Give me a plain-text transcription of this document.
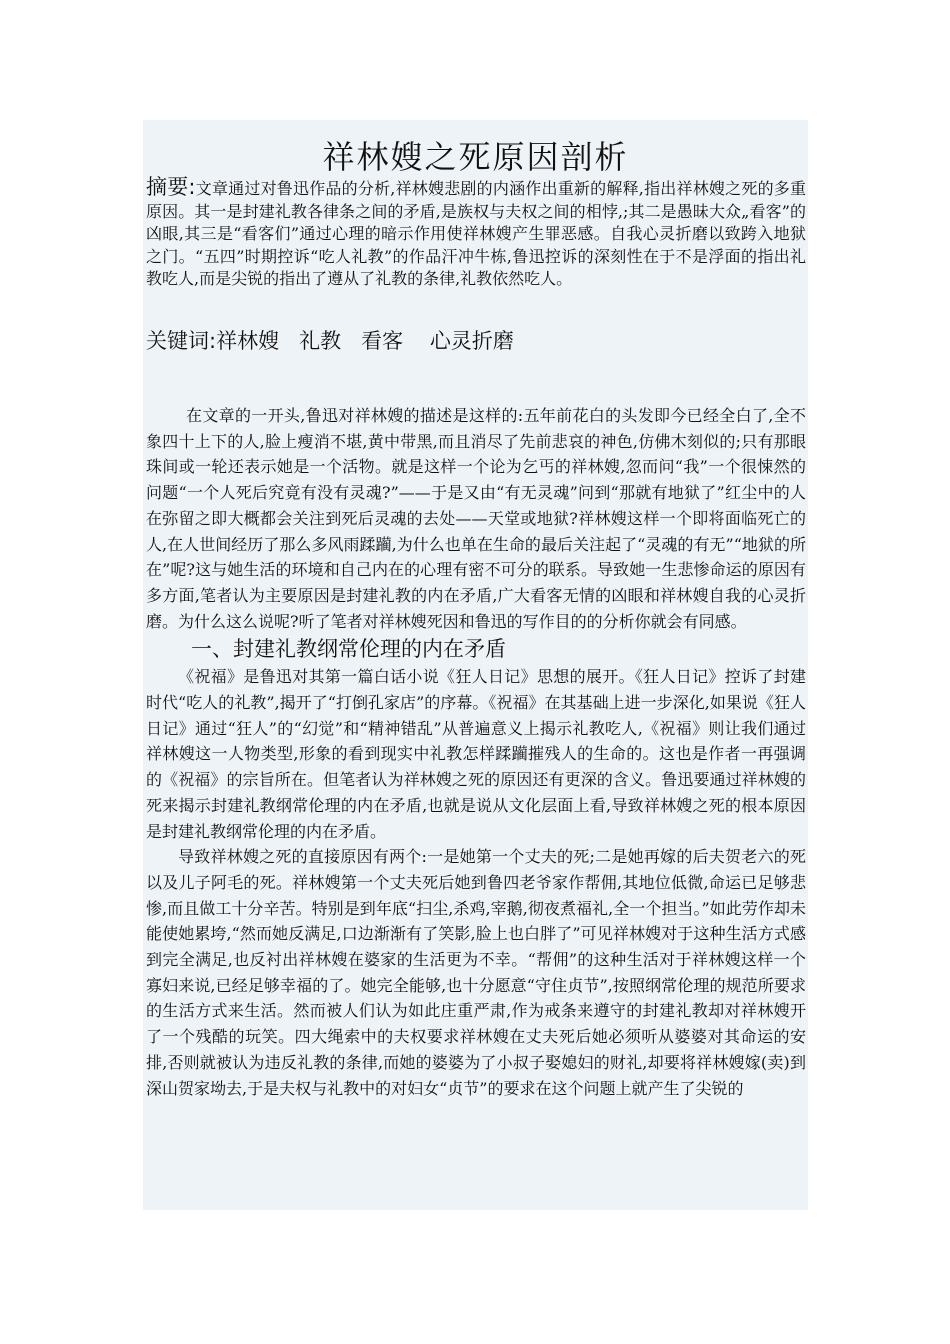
祥林嫂之死原因剖析
摘要:文章通过对鲁迅作品的分析,祥林嫂悲剧的内涵作出重新的解释,指出祥林嫂之死的多重原因。其一是封建礼教各律条之间的矛盾,是族权与夫权之间的相悖,;其二是愚昧大众„看客”的凶眼,其三是“看客们”通过心理的暗示作用使祥林嫂产生罪恶感。自我心灵折磨以致跨入地狱之门。“五四”时期控诉“吃人礼教”的作品汗冲牛栋,鲁迅控诉的深刻性在于不是浮面的指出礼教吃人,而是尖锐的指出了遵从了礼教的条律,礼教依然吃人。
关键词:祥林嫂   礼教   看客    心灵折磨

在文章的一开头,鲁迅对祥林嫂的描述是这样的:五年前花白的头发即今已经全白了,全不象四十上下的人,脸上瘦消不堪,黄中带黑,而且消尽了先前悲哀的神色,仿佛木刻似的;只有那眼珠间或一轮还表示她是一个活物。就是这样一个论为乞丐的祥林嫂,忽而问“我”一个很悚然的问题“一个人死后究竟有没有灵魂?”——于是又由“有无灵魂”问到“那就有地狱了”红尘中的人在弥留之即大概都会关注到死后灵魂的去处——天堂或地狱?祥林嫂这样一个即将面临死亡的人,在人世间经历了那么多风雨蹂躏,为什么也单在生命的最后关注起了“灵魂的有无”“地狱的所在”呢?这与她生活的环境和自己内在的心理有密不可分的联系。导致她一生悲惨命运的原因有多方面,笔者认为主要原因是封建礼教的内在矛盾,广大看客无情的凶眼和祥林嫂自我的心灵折磨。为什么这么说呢?听了笔者对祥林嫂死因和鲁迅的写作目的的分析你就会有同感。

一、封建礼教纲常伦理的内在矛盾

《祝福》是鲁迅对其第一篇白话小说《狂人日记》思想的展开。《狂人日记》控诉了封建时代“吃人的礼教”,揭开了“打倒孔家店”的序幕。《祝福》在其基础上进一步深化,如果说《狂人日记》通过“狂人”的“幻觉”和“精神错乱”从普遍意义上揭示礼教吃人,《祝福》则让我们通过祥林嫂这一人物类型,形象的看到现实中礼教怎样蹂躏摧残人的生命的。这也是作者一再强调的《祝福》的宗旨所在。但笔者认为祥林嫂之死的原因还有更深的含义。鲁迅要通过祥林嫂的死来揭示封建礼教纲常伦理的内在矛盾,也就是说从文化层面上看,导致祥林嫂之死的根本原因是封建礼教纲常伦理的内在矛盾。

导致祥林嫂之死的直接原因有两个:一是她第一个丈夫的死;二是她再嫁的后夫贺老六的死以及儿子阿毛的死。祥林嫂第一个丈夫死后她到鲁四老爷家作帮佣,其地位低微,命运已足够悲惨,而且做工十分辛苦。特别是到年底“扫尘,杀鸡,宰鹅,彻夜煮福礼,全一个担当。”如此劳作却未能使她累垮,“然而她反满足,口边渐渐有了笑影,脸上也白胖了”可见祥林嫂对于这种生活方式感到完全满足,也反衬出祥林嫂在婆家的生活更为不幸。“帮佣”的这种生活对于祥林嫂这样一个寡妇来说,已经足够幸福的了。她完全能够,也十分愿意“守住贞节”,按照纲常伦理的规范所要求的生活方式来生活。然而被人们认为如此庄重严肃,作为戒条来遵守的封建礼教却对祥林嫂开了一个残酷的玩笑。四大绳索中的夫权要求祥林嫂在丈夫死后她必须听从婆婆对其命运的安排,否则就被认为违反礼教的条律,而她的婆婆为了小叔子娶媳妇的财礼,却要将祥林嫂嫁(卖)到深山贺家坳去,于是夫权与礼教中的对妇女“贞节”的要求在这个问题上就产生了尖锐的
